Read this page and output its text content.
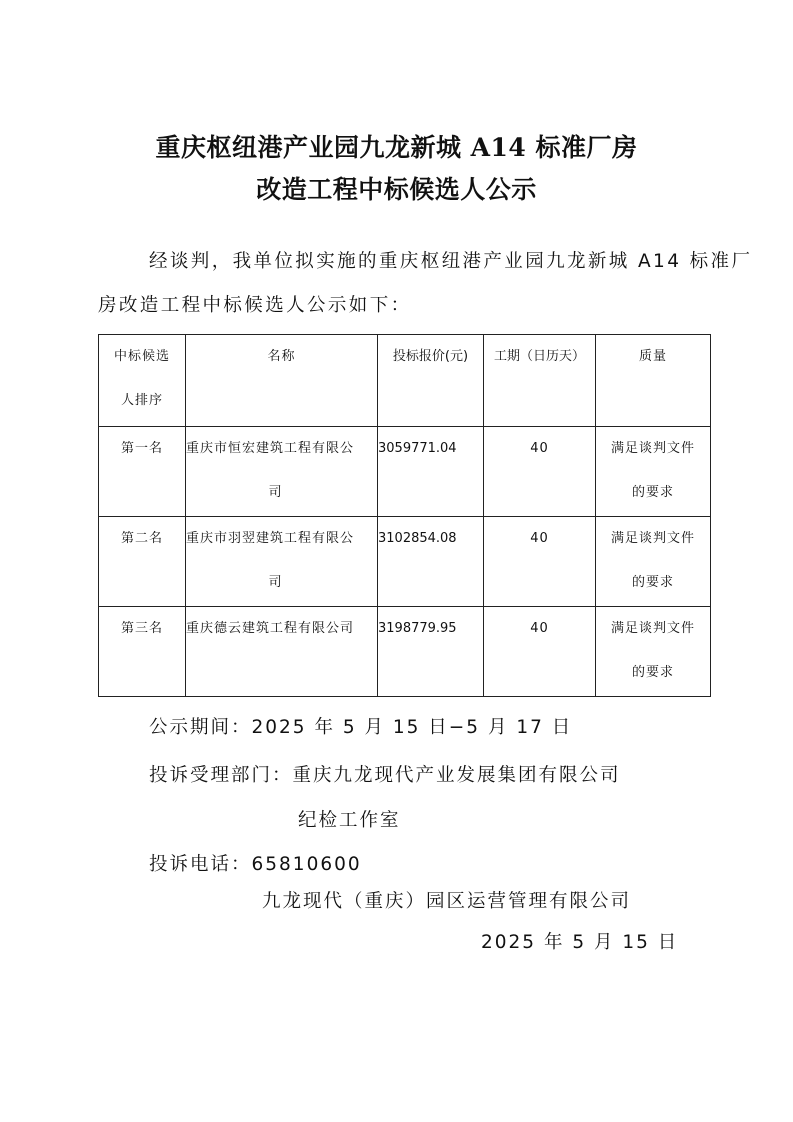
重庆枢纽港产业园九龙新城 A14 标准厂房
改造工程中标候选人公示
经谈判，我单位拟实施的重庆枢纽港产业园九龙新城 A14 标准厂
房改造工程中标候选人公示如下：
中标候选
人排序	名称	投标报价(元)	工期（日历天）	质量

第一名	重庆市恒宏建筑工程有限公
司	3059771.04	40	满足谈判文件
的要求

第二名	重庆市羽翌建筑工程有限公
司	3102854.08	40	满足谈判文件
的要求

第三名	重庆德云建筑工程有限公司	3198779.95	40	满足谈判文件
的要求
公示期间：2025 年 5 月 15 日−5 月 17 日
投诉受理部门：重庆九龙现代产业发展集团有限公司
纪检工作室
投诉电话：65810600
九龙现代（重庆）园区运营管理有限公司
2025 年 5 月 15 日
